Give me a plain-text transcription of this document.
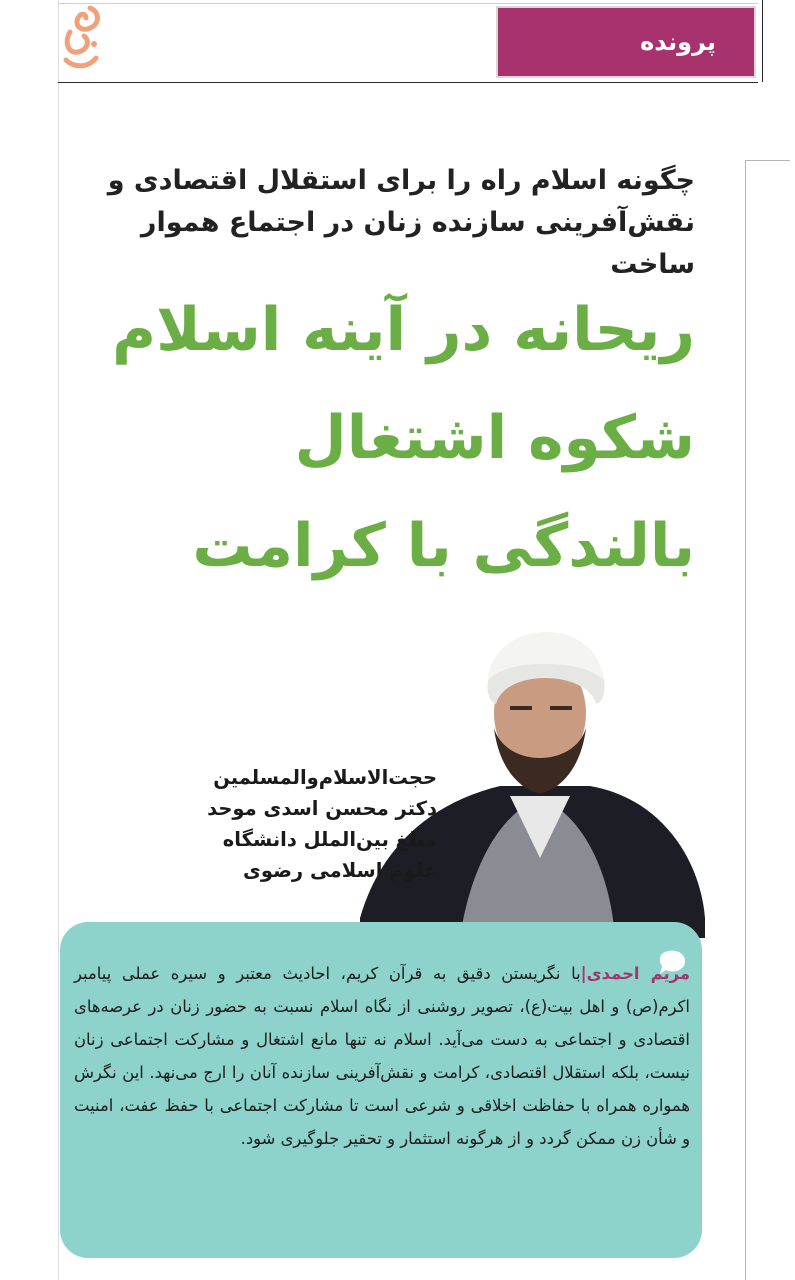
پرونده
چگونه اسلام راه را برای استقلال اقتصادی و نقش‌آفرینی سازنده زنان در اجتماع هموار ساخت
ریحانه در آینه اسلام شکوه اشتغال بالندگی با کرامت
حجت‌الاسلام‌والمسلمین
دکتر محسن اسدی موحد
مبلغ بین‌الملل دانشگاه
علوم اسلامی رضوی
مریم احمدی|با نگریستن دقیق به قرآن کریم، احادیث معتبر و سیره عملی پیامبر اکرم(ص) و اهل بیت(ع)، تصویر روشنی از نگاه اسلام نسبت به حضور زنان در عرصه‌های اقتصادی و اجتماعی به دست می‌آید. اسلام نه تنها مانع اشتغال و مشارکت اجتماعی زنان نیست، بلکه استقلال اقتصادی، کرامت و نقش‌آفرینی سازنده آنان را ارج می‌نهد. این نگرش همواره همراه با حفاظت اخلاقی و شرعی است تا مشارکت اجتماعی با حفظ عفت، امنیت و شأن زن ممکن گردد و از هرگونه استثمار و تحقیر جلوگیری شود.
